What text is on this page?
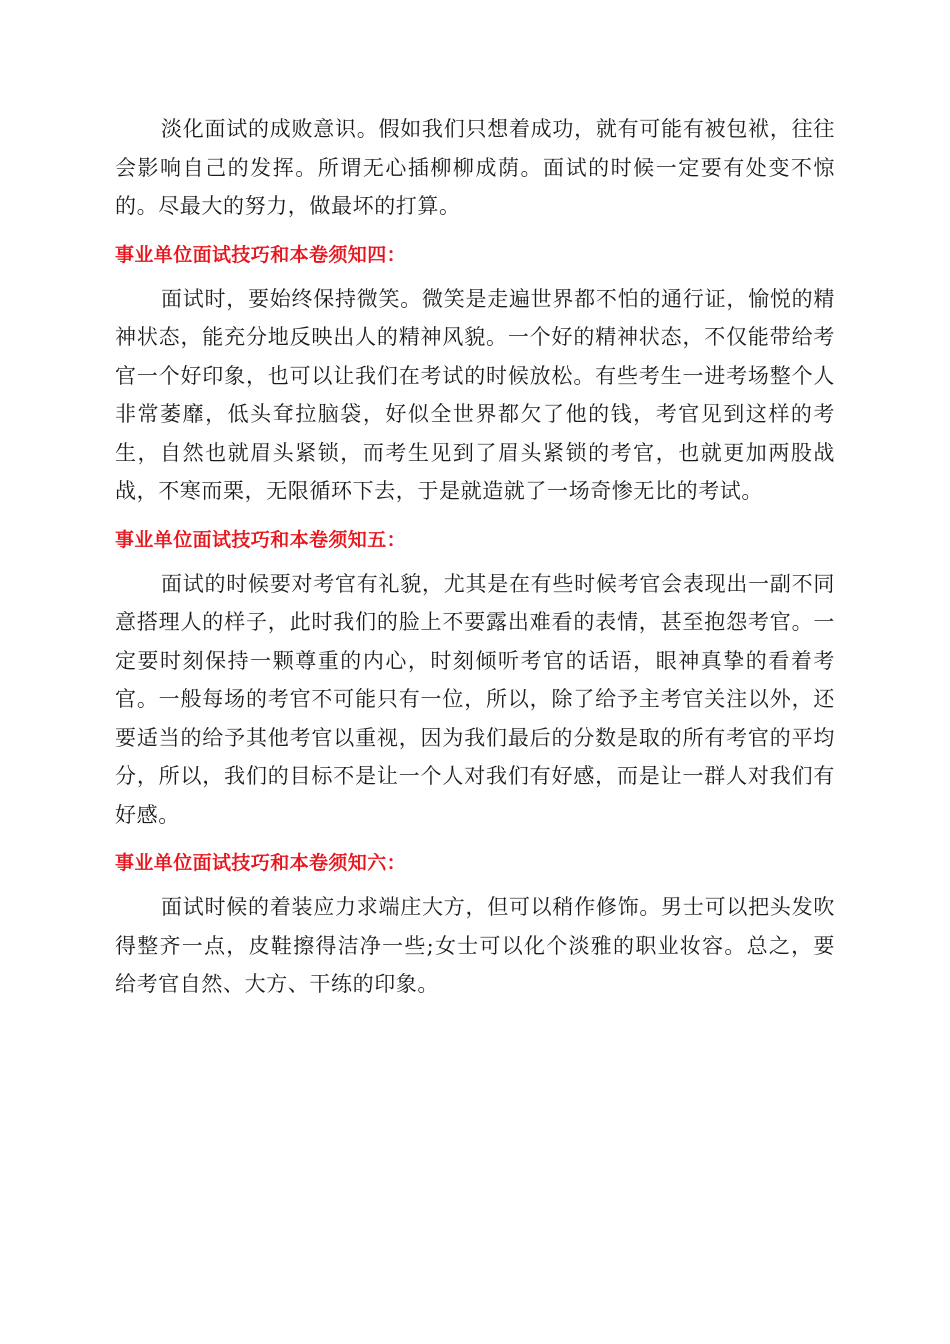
淡化面试的成败意识。假如我们只想着成功，就有可能有被包袱，往往会影响自己的发挥。所谓无心插柳柳成荫。面试的时候一定要有处变不惊的。尽最大的努力，做最坏的打算。

事业单位面试技巧和本卷须知四：

面试时，要始终保持微笑。微笑是走遍世界都不怕的通行证，愉悦的精神状态，能充分地反映出人的精神风貌。一个好的精神状态，不仅能带给考官一个好印象，也可以让我们在考试的时候放松。有些考生一进考场整个人非常萎靡，低头耷拉脑袋，好似全世界都欠了他的钱，考官见到这样的考生，自然也就眉头紧锁，而考生见到了眉头紧锁的考官，也就更加两股战战，不寒而栗，无限循环下去，于是就造就了一场奇惨无比的考试。

事业单位面试技巧和本卷须知五：

面试的时候要对考官有礼貌，尤其是在有些时候考官会表现出一副不同意搭理人的样子，此时我们的脸上不要露出难看的表情，甚至抱怨考官。一定要时刻保持一颗尊重的内心，时刻倾听考官的话语，眼神真挚的看着考官。一般每场的考官不可能只有一位，所以，除了给予主考官关注以外，还要适当的给予其他考官以重视，因为我们最后的分数是取的所有考官的平均分，所以，我们的目标不是让一个人对我们有好感，而是让一群人对我们有好感。

事业单位面试技巧和本卷须知六：

面试时候的着装应力求端庄大方，但可以稍作修饰。男士可以把头发吹得整齐一点，皮鞋擦得洁净一些;女士可以化个淡雅的职业妆容。总之，要给考官自然、大方、干练的印象。
